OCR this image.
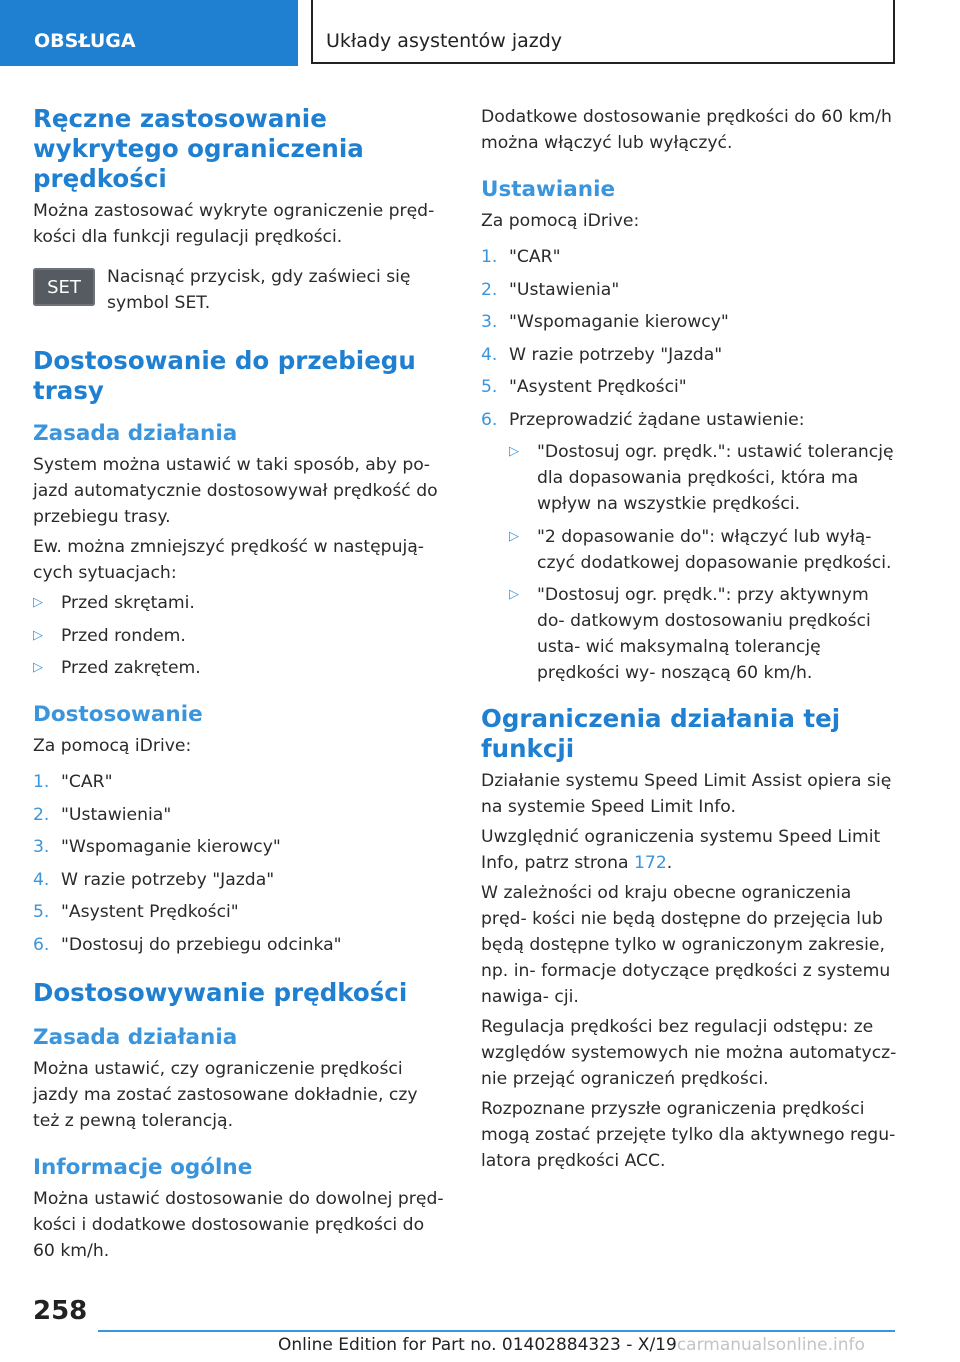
OBSŁUGA	Układy asystentów jazdy
Ręczne zastosowanie wykrytego ograniczenia prędkości

Można zastosować wykryte ograniczenie pręd‐ kości dla funkcji regulacji prędkości.

SET Nacisnąć przycisk, gdy zaświeci się symbol SET.

Dostosowanie do przebiegu trasy
Zasada działania

System można ustawić w taki sposób, aby po‐ jazd automatycznie dostosowywał prędkość do przebiegu trasy.

Ew. można zmniejszyć prędkość w następują‐ cych sytuacjach:

▷ Przed skrętami.
▷ Przed rondem.
▷ Przed zakrętem.
Dostosowanie

Za pomocą iDrive:

1. "CAR"
2. "Ustawienia"
3. "Wspomaganie kierowcy"
4. W razie potrzeby "Jazda"
5. "Asystent Prędkości"
6. "Dostosuj do przebiegu odcinka"
Dostosowywanie prędkości
Zasada działania

Można ustawić, czy ograniczenie prędkości jazdy ma zostać zastosowane dokładnie, czy też z pewną tolerancją.

Informacje ogólne

Można ustawić dostosowanie do dowolnej pręd‐ kości i dodatkowe dostosowanie prędkości do 60 km/h.

Dodatkowe dostosowanie prędkości do 60 km/h można włączyć lub wyłączyć.

Ustawianie

Za pomocą iDrive:

1. "CAR"
2. "Ustawienia"
3. "Wspomaganie kierowcy"
4. W razie potrzeby "Jazda"
5. "Asystent Prędkości"
6. Przeprowadzić żądane ustawienie:
▷ "Dostosuj ogr. prędk.": ustawić tolerancję dla dopasowania prędkości, która ma wpływ na wszystkie prędkości.
▷ "2 dopasowanie do": włączyć lub wyłą‐ czyć dodatkowej dopasowanie prędkości.
▷ "Dostosuj ogr. prędk.": przy aktywnym do‐ datkowym dostosowaniu prędkości usta‐ wić maksymalną tolerancję prędkości wy‐ noszącą 60 km/h.
Ograniczenia działania tej funkcji

Działanie systemu Speed Limit Assist opiera się na systemie Speed Limit Info.

Uwzględnić ograniczenia systemu Speed Limit Info, patrz strona 172.

W zależności od kraju obecne ograniczenia pręd‐ kości nie będą dostępne do przejęcia lub będą dostępne tylko w ograniczonym zakresie, np. in‐ formacje dotyczące prędkości z systemu nawiga‐ cji.

Regulacja prędkości bez regulacji odstępu: ze względów systemowych nie można automatycz‐ nie przejąć ograniczeń prędkości.

Rozpoznane przyszłe ograniczenia prędkości mogą zostać przejęte tylko dla aktywnego regu‐ latora prędkości ACC.

258
Online Edition for Part no. 01402884323 - X/19carmanualsonline.info
